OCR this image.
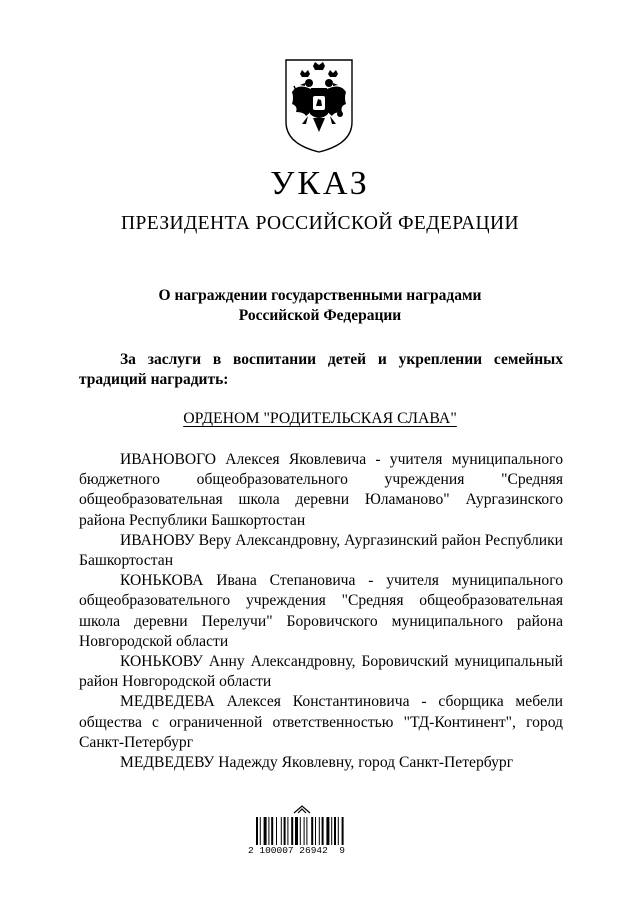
УКАЗ
ПРЕЗИДЕНТА РОССИЙСКОЙ ФЕДЕРАЦИИ
О награждении государственными наградами
Российской Федерации

За заслуги в воспитании детей и укреплении семейных традиций наградить:

ОРДЕНОМ "РОДИТЕЛЬСКАЯ СЛАВА"

ИВАНОВОГО Алексея Яковлевича - учителя муниципального бюджетного общеобразовательного учреждения "Средняя общеобразовательная школа деревни Юламаново" Аургазинского района Республики Башкортостан

ИВАНОВУ Веру Александровну, Аургазинский район Республики Башкортостан

КОНЬКОВА Ивана Степановича - учителя муниципального общеобразовательного учреждения "Средняя общеобразовательная школа деревни Перелучи" Боровичского муниципального района Новгородской области

КОНЬКОВУ Анну Александровну, Боровичский муниципальный район Новгородской области

МЕДВЕДЕВА Алексея Константиновича - сборщика мебели общества с ограниченной ответственностью "ТД-Континент", город Санкт-Петербург

МЕДВЕДЕВУ Надежду Яковлевну, город Санкт-Петербург

2 100007 26942  9
